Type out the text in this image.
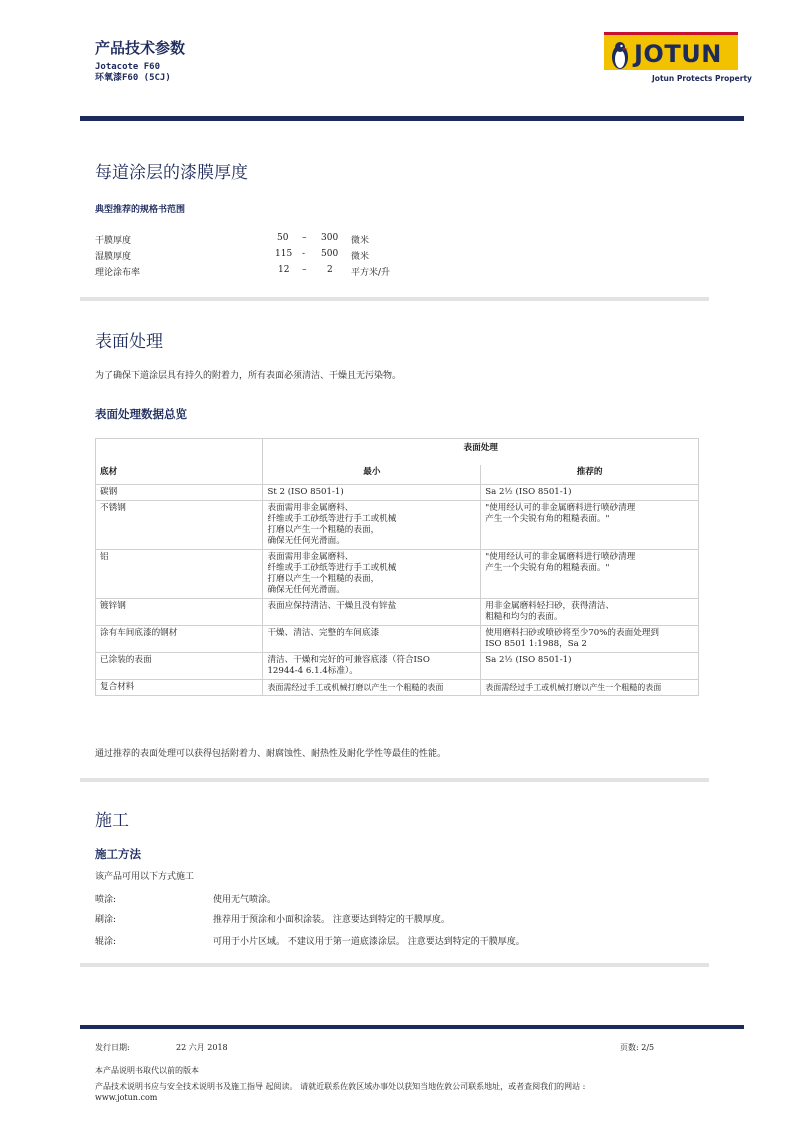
产品技术参数
Jotacote F60
环氧漆F60 (5CJ)
JOTUN
Jotun Protects Property
每道涂层的漆膜厚度
典型推荐的规格书范围
干膜厚度	50 – 300 微米
湿膜厚度	115 - 500 微米
理论涂布率	12 – 2 平方米/升
表面处理
为了确保下道涂层具有持久的附着力，所有表面必须清洁、干燥且无污染物。
表面处理数据总览
底材	表面处理	
	最小	推荐的

碳钢	St 2 (ISO 8501-1)	Sa 2½ (ISO 8501-1)

不锈钢	表面需用非金属磨料、
纤维或手工砂纸等进行手工或机械
打磨以产生一个粗糙的表面，
确保无任何光滑面。	"使用经认可的非金属磨料进行喷砂清理
产生一个尖锐有角的粗糙表面。"

铝	表面需用非金属磨料、
纤维或手工砂纸等进行手工或机械
打磨以产生一个粗糙的表面，
确保无任何光滑面。	"使用经认可的非金属磨料进行喷砂清理
产生一个尖锐有角的粗糙表面。"

镀锌钢	表面应保持清洁、干燥且没有锌盐	用非金属磨料轻扫砂，获得清洁、
粗糙和均匀的表面。

涂有车间底漆的钢材	干燥、清洁、完整的车间底漆	使用磨料扫砂或喷砂将至少70%的表面处理到
ISO 8501 1:1988，Sa 2

已涂装的表面	清洁、干燥和完好的可兼容底漆（符合ISO
12944-4 6.1.4标准）。	Sa 2½ (ISO 8501-1)

复合材料	表面需经过手工或机械打磨以产生一个粗糙的表面	表面需经过手工或机械打磨以产生一个粗糙的表面
通过推荐的表面处理可以获得包括附着力、耐腐蚀性、耐热性及耐化学性等最佳的性能。
施工
施工方法
该产品可用以下方式施工
喷涂:	使用无气喷涂。
刷涂:	推荐用于预涂和小面积涂装。 注意要达到特定的干膜厚度。
辊涂:	可用于小片区域。 不建议用于第一道底漆涂层。 注意要达到特定的干膜厚度。
发行日期:	22 六月 2018	页数: 2/5
本产品说明书取代以前的版本
产品技术说明书应与安全技术说明书及施工指导 起阅读。 请就近联系佐敦区域办事处以获知当地佐敦公司联系地址，或者查阅我们的网站 :
www.jotun.com
